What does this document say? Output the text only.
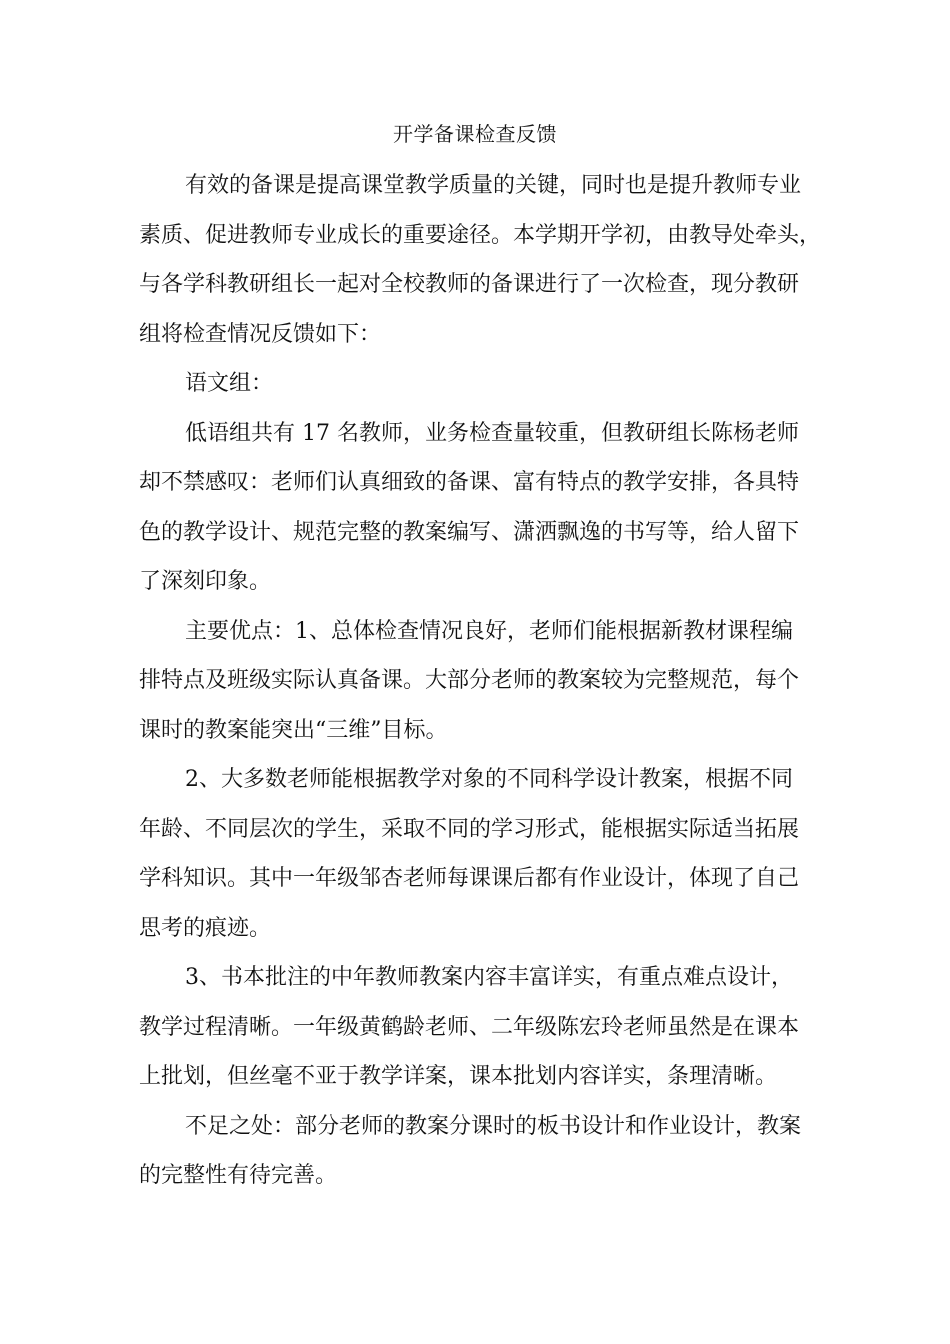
开学备课检查反馈

有效的备课是提高课堂教学质量的关键，同时也是提升教师专业
素质、促进教师专业成长的重要途径。本学期开学初，由教导处牵头，
与各学科教研组长一起对全校教师的备课进行了一次检查，现分教研
组将检查情况反馈如下：

语文组：

低语组共有 17 名教师，业务检查量较重，但教研组长陈杨老师
却不禁感叹：老师们认真细致的备课、富有特点的教学安排，各具特
色的教学设计、规范完整的教案编写、潇洒飘逸的书写等，给人留下
了深刻印象。

主要优点：1、总体检查情况良好，老师们能根据新教材课程编
排特点及班级实际认真备课。大部分老师的教案较为完整规范，每个
课时的教案能突出“三维”目标。

2、大多数老师能根据教学对象的不同科学设计教案，根据不同
年龄、不同层次的学生，采取不同的学习形式，能根据实际适当拓展
学科知识。其中一年级邹杏老师每课课后都有作业设计，体现了自己
思考的痕迹。

3、书本批注的中年教师教案内容丰富详实，有重点难点设计，
教学过程清晰。一年级黄鹤龄老师、二年级陈宏玲老师虽然是在课本
上批划，但丝毫不亚于教学详案，课本批划内容详实，条理清晰。

不足之处：部分老师的教案分课时的板书设计和作业设计，教案
的完整性有待完善。
